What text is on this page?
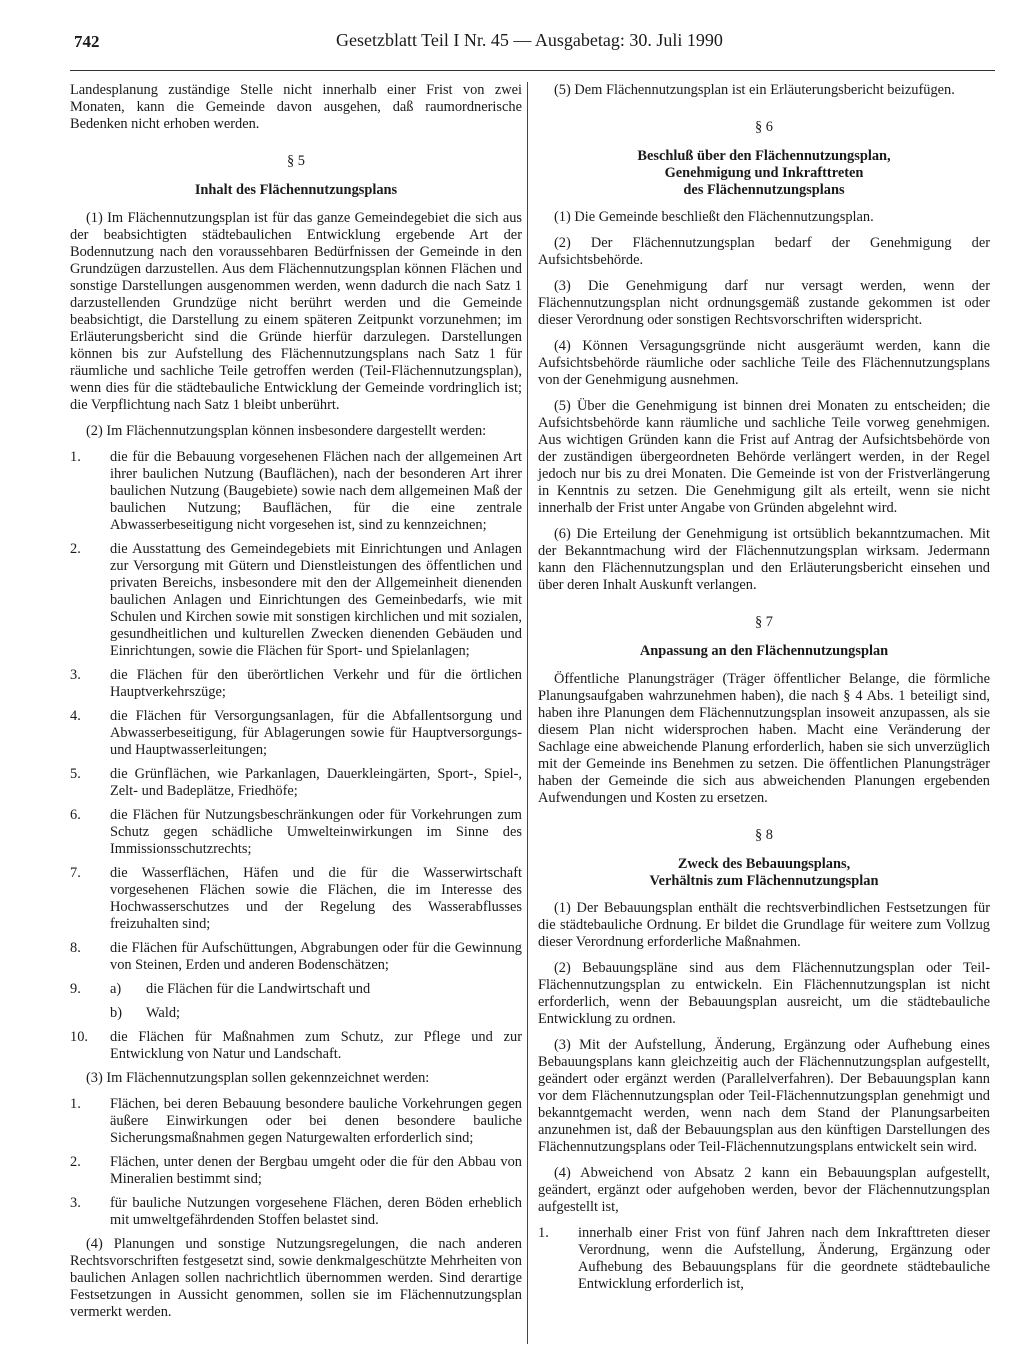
742	Gesetzblatt Teil I Nr. 45 — Ausgabetag: 30. Juli 1990

Landesplanung zuständige Stelle nicht innerhalb einer Frist von zwei Monaten, kann die Gemeinde davon ausgehen, daß raumordnerische Bedenken nicht erhoben werden.

§ 5

Inhalt des Flächennutzungsplans

(1) Im Flächennutzungsplan ist für das ganze Gemeindegebiet die sich aus der beabsichtigten städtebaulichen Entwicklung ergebende Art der Bodennutzung nach den voraussehbaren Bedürfnissen der Gemeinde in den Grundzügen darzustellen. Aus dem Flächennutzungsplan können Flächen und sonstige Darstellungen ausgenommen werden, wenn dadurch die nach Satz 1 darzustellenden Grundzüge nicht berührt werden und die Gemeinde beabsichtigt, die Darstellung zu einem späteren Zeitpunkt vorzunehmen; im Erläuterungsbericht sind die Gründe hierfür darzulegen. Darstellungen können bis zur Aufstellung des Flächennutzungsplans nach Satz 1 für räumliche und sachliche Teile getroffen werden (Teil-Flächennutzungsplan), wenn dies für die städtebauliche Entwicklung der Gemeinde vordringlich ist; die Verpflichtung nach Satz 1 bleibt unberührt.

(2) Im Flächennutzungsplan können insbesondere dargestellt werden:

1.	die für die Bebauung vorgesehenen Flächen nach der allgemeinen Art ihrer baulichen Nutzung (Bauflächen), nach der besonderen Art ihrer baulichen Nutzung (Baugebiete) sowie nach dem allgemeinen Maß der baulichen Nutzung; Bauflächen, für die eine zentrale Abwasserbeseitigung nicht vorgesehen ist, sind zu kennzeichnen;
2.	die Ausstattung des Gemeindegebiets mit Einrichtungen und Anlagen zur Versorgung mit Gütern und Dienstleistungen des öffentlichen und privaten Bereichs, insbesondere mit den der Allgemeinheit dienenden baulichen Anlagen und Einrichtungen des Gemeinbedarfs, wie mit Schulen und Kirchen sowie mit sonstigen kirchlichen und mit sozialen, gesundheitlichen und kulturellen Zwecken dienenden Gebäuden und Einrichtungen, sowie die Flächen für Sport- und Spielanlagen;
3.	die Flächen für den überörtlichen Verkehr und für die örtlichen Hauptverkehrszüge;
4.	die Flächen für Versorgungsanlagen, für die Abfallentsorgung und Abwasserbeseitigung, für Ablagerungen sowie für Hauptversorgungs- und Hauptwasserleitungen;
5.	die Grünflächen, wie Parkanlagen, Dauerkleingärten, Sport-, Spiel-, Zelt- und Badeplätze, Friedhöfe;
6.	die Flächen für Nutzungsbeschränkungen oder für Vorkehrungen zum Schutz gegen schädliche Umwelteinwirkungen im Sinne des Immissionsschutzrechts;
7.	die Wasserflächen, Häfen und die für die Wasserwirtschaft vorgesehenen Flächen sowie die Flächen, die im Interesse des Hochwasserschutzes und der Regelung des Wasserabflusses freizuhalten sind;
8.	die Flächen für Aufschüttungen, Abgrabungen oder für die Gewinnung von Steinen, Erden und anderen Bodenschätzen;
9.	a)	die Flächen für die Landwirtschaft und
b)	Wald;
10.	die Flächen für Maßnahmen zum Schutz, zur Pflege und zur Entwicklung von Natur und Landschaft.

(3) Im Flächennutzungsplan sollen gekennzeichnet werden:

1.	Flächen, bei deren Bebauung besondere bauliche Vorkehrungen gegen äußere Einwirkungen oder bei denen besondere bauliche Sicherungsmaßnahmen gegen Naturgewalten erforderlich sind;
2.	Flächen, unter denen der Bergbau umgeht oder die für den Abbau von Mineralien bestimmt sind;
3.	für bauliche Nutzungen vorgesehene Flächen, deren Böden erheblich mit umweltgefährdenden Stoffen belastet sind.

(4) Planungen und sonstige Nutzungsregelungen, die nach anderen Rechtsvorschriften festgesetzt sind, sowie denkmalgeschützte Mehrheiten von baulichen Anlagen sollen nachrichtlich übernommen werden. Sind derartige Festsetzungen in Aussicht genommen, sollen sie im Flächennutzungsplan vermerkt werden.

(5) Dem Flächennutzungsplan ist ein Erläuterungsbericht beizufügen.

§ 6

Beschluß über den Flächennutzungsplan,
Genehmigung und Inkrafttreten
des Flächennutzungsplans

(1) Die Gemeinde beschließt den Flächennutzungsplan.

(2) Der Flächennutzungsplan bedarf der Genehmigung der Aufsichtsbehörde.

(3) Die Genehmigung darf nur versagt werden, wenn der Flächennutzungsplan nicht ordnungsgemäß zustande gekommen ist oder dieser Verordnung oder sonstigen Rechtsvorschriften widerspricht.

(4) Können Versagungsgründe nicht ausgeräumt werden, kann die Aufsichtsbehörde räumliche oder sachliche Teile des Flächennutzungsplans von der Genehmigung ausnehmen.

(5) Über die Genehmigung ist binnen drei Monaten zu entscheiden; die Aufsichtsbehörde kann räumliche und sachliche Teile vorweg genehmigen. Aus wichtigen Gründen kann die Frist auf Antrag der Aufsichtsbehörde von der zuständigen übergeordneten Behörde verlängert werden, in der Regel jedoch nur bis zu drei Monaten. Die Gemeinde ist von der Fristverlängerung in Kenntnis zu setzen. Die Genehmigung gilt als erteilt, wenn sie nicht innerhalb der Frist unter Angabe von Gründen abgelehnt wird.

(6) Die Erteilung der Genehmigung ist ortsüblich bekanntzumachen. Mit der Bekanntmachung wird der Flächennutzungsplan wirksam. Jedermann kann den Flächennutzungsplan und den Erläuterungsbericht einsehen und über deren Inhalt Auskunft verlangen.

§ 7

Anpassung an den Flächennutzungsplan

Öffentliche Planungsträger (Träger öffentlicher Belange, die förmliche Planungsaufgaben wahrzunehmen haben), die nach § 4 Abs. 1 beteiligt sind, haben ihre Planungen dem Flächennutzungsplan insoweit anzupassen, als sie diesem Plan nicht widersprochen haben. Macht eine Veränderung der Sachlage eine abweichende Planung erforderlich, haben sie sich unverzüglich mit der Gemeinde ins Benehmen zu setzen. Die öffentlichen Planungsträger haben der Gemeinde die sich aus abweichenden Planungen ergebenden Aufwendungen und Kosten zu ersetzen.

§ 8

Zweck des Bebauungsplans,
Verhältnis zum Flächennutzungsplan

(1) Der Bebauungsplan enthält die rechtsverbindlichen Festsetzungen für die städtebauliche Ordnung. Er bildet die Grundlage für weitere zum Vollzug dieser Verordnung erforderliche Maßnahmen.

(2) Bebauungspläne sind aus dem Flächennutzungsplan oder Teil-Flächennutzungsplan zu entwickeln. Ein Flächennutzungsplan ist nicht erforderlich, wenn der Bebauungsplan ausreicht, um die städtebauliche Entwicklung zu ordnen.

(3) Mit der Aufstellung, Änderung, Ergänzung oder Aufhebung eines Bebauungsplans kann gleichzeitig auch der Flächennutzungsplan aufgestellt, geändert oder ergänzt werden (Parallelverfahren). Der Bebauungsplan kann vor dem Flächennutzungsplan oder Teil-Flächennutzungsplan genehmigt und bekanntgemacht werden, wenn nach dem Stand der Planungsarbeiten anzunehmen ist, daß der Bebauungsplan aus den künftigen Darstellungen des Flächennutzungsplans oder Teil-Flächennutzungsplans entwickelt sein wird.

(4) Abweichend von Absatz 2 kann ein Bebauungsplan aufgestellt, geändert, ergänzt oder aufgehoben werden, bevor der Flächennutzungsplan aufgestellt ist,

1.	innerhalb einer Frist von fünf Jahren nach dem Inkrafttreten dieser Verordnung, wenn die Aufstellung, Änderung, Ergänzung oder Aufhebung des Bebauungsplans für die geordnete städtebauliche Entwicklung erforderlich ist,
